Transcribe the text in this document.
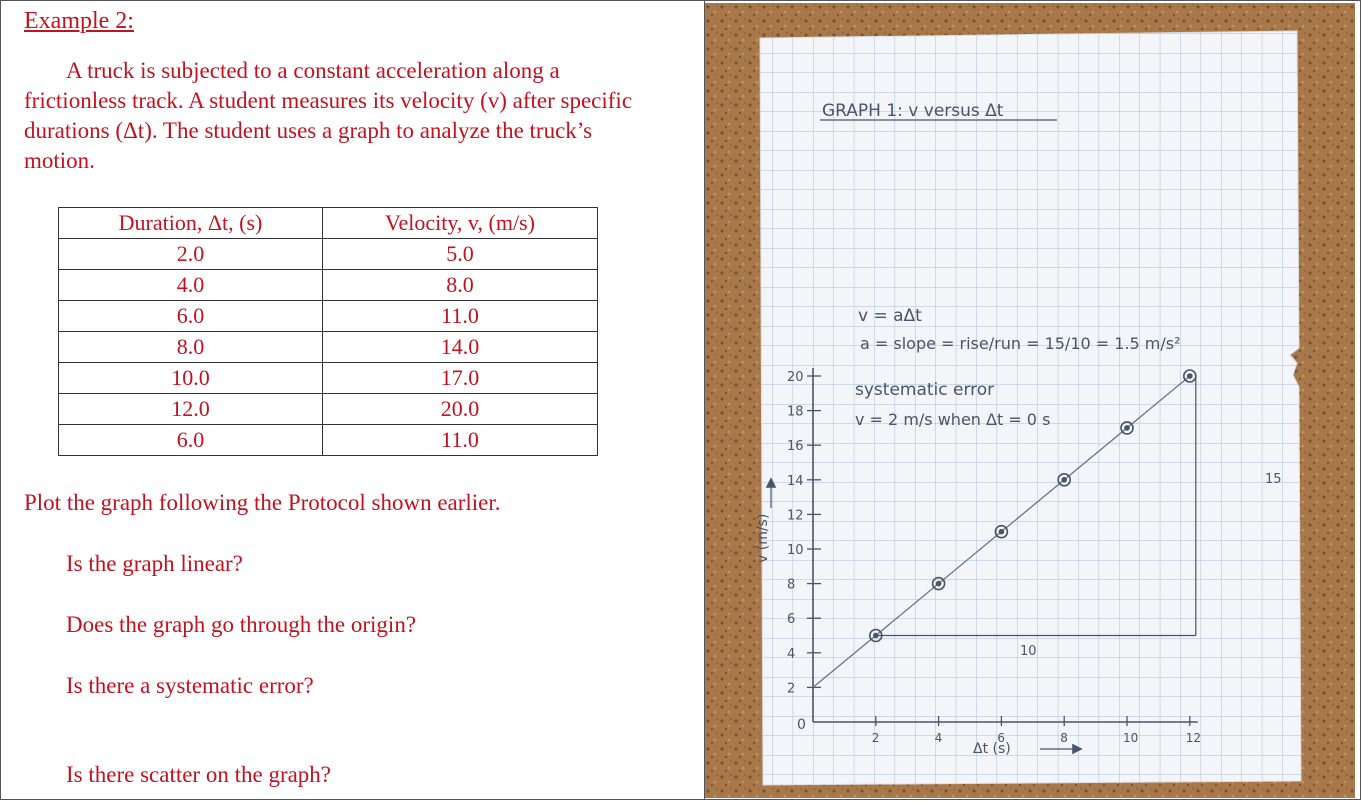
Example 2:
A truck is subjected to a constant acceleration along a frictionless track. A student measures its velocity (v) after specific durations (Δt). The student uses a graph to analyze the truck’s motion.
Duration, Δt, (s)	Velocity, v, (m/s)
2.0	5.0
4.0	8.0
6.0	11.0
8.0	14.0
10.0	17.0
12.0	20.0
6.0	11.0
Plot the graph following the Protocol shown earlier.
Is the graph linear?
Does the graph go through the origin?
Is there a systematic error?
Is there scatter on the graph?
GRAPH 1: v versus Δt
v = aΔt
a = slope = rise/run = 15/10 = 1.5 m/s²
systematic error
v = 2 m/s when Δt = 0 s
v (m/s)
Δt (s)
15
10
0
2
4
6
8
10
12
14
16
18
20
2	4	6	8	10	12
